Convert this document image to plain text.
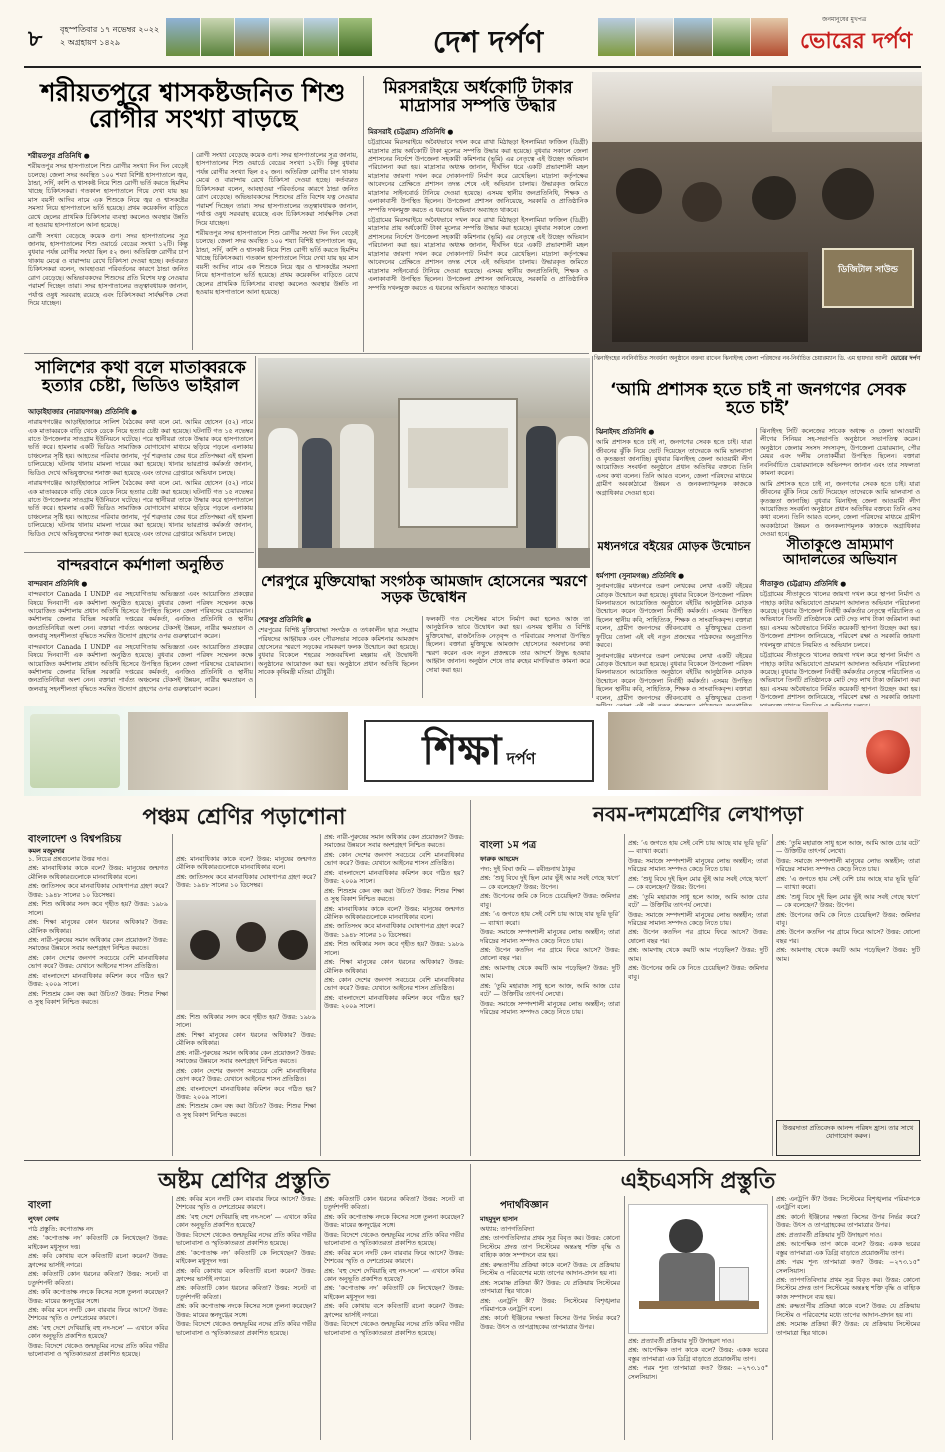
৮ বৃহস্পতিবার ১৭ নভেম্বর ২০২২
২ অগ্রহায়ণ ১৪২৯	দেশ দর্পণ
জনমানুষের মুখপত্র
ভোরের দর্পণ
শরীয়তপুরে শ্বাসকষ্টজনিত শিশু রোগীর সংখ্যা বাড়ছে
শরীয়তপুর প্রতিনিধি ●
শরীয়তপুর সদর হাসপাতালে শিশু রোগীর সংখ্যা দিন দিন বেড়েই চলেছে। জেলা সদর অবস্থিত ১০০ শয্যা বিশিষ্ট হাসপাতালে জ্বর, ঠান্ডা, সর্দি, কাশি ও শ্বাসকষ্ট নিয়ে শিশু রোগী ভর্তি করতে হিমশিম খাচ্ছে চিকিৎসকরা। গতকাল হাসপাতালে গিয়ে দেখা যায় ছয় মাস বয়সী আদিব নামে এক শিশুকে নিয়ে জ্বর ও শ্বাসকষ্টের সমস্যা নিয়ে হাসপাতালে ভর্তি হয়েছে। প্রথম কয়েকদিন বাড়িতে রেখে ছেলের প্রাথমিক চিকিৎসার ব্যবস্থা করলেও অবস্থার উন্নতি না হওয়ায় হাসপাতালে আনা হয়েছে।
রোগী সংখ্যা বেড়েছে কয়েক গুণ। সদর হাসপাতালের সূত্র জানায়, হাসপাতালের শিশু ওয়ার্ডে বেডের সংখ্যা ১২টি। কিন্তু বুধবার পর্যন্ত রোগীর সংখ্যা ছিল ৫২ জন। অতিরিক্ত রোগীর চাপ থাকায় মেঝে ও বারান্দায় রেখে চিকিৎসা দেওয়া হচ্ছে। কর্তব্যরত চিকিৎসকরা বলেন, আবহাওয়া পরিবর্তনের কারণে ঠান্ডা জনিত রোগ বেড়েছে। অভিভাবকদের শিশুদের প্রতি বিশেষ যত্ন নেওয়ার পরামর্শ দিচ্ছেন তারা। সদর হাসপাতালের তত্ত্বাবধায়ক জানান, পর্যাপ্ত ওষুধ সরবরাহ রয়েছে এবং চিকিৎসকরা সার্বক্ষণিক সেবা দিয়ে যাচ্ছেন।
রোগী সংখ্যা বেড়েছে কয়েক গুণ। সদর হাসপাতালের সূত্র জানায়, হাসপাতালের শিশু ওয়ার্ডে বেডের সংখ্যা ১২টি। কিন্তু বুধবার পর্যন্ত রোগীর সংখ্যা ছিল ৫২ জন। অতিরিক্ত রোগীর চাপ থাকায় মেঝে ও বারান্দায় রেখে চিকিৎসা দেওয়া হচ্ছে। কর্তব্যরত চিকিৎসকরা বলেন, আবহাওয়া পরিবর্তনের কারণে ঠান্ডা জনিত রোগ বেড়েছে। অভিভাবকদের শিশুদের প্রতি বিশেষ যত্ন নেওয়ার পরামর্শ দিচ্ছেন তারা। সদর হাসপাতালের তত্ত্বাবধায়ক জানান, পর্যাপ্ত ওষুধ সরবরাহ রয়েছে এবং চিকিৎসকরা সার্বক্ষণিক সেবা দিয়ে যাচ্ছেন।
শরীয়তপুর সদর হাসপাতালে শিশু রোগীর সংখ্যা দিন দিন বেড়েই চলেছে। জেলা সদর অবস্থিত ১০০ শয্যা বিশিষ্ট হাসপাতালে জ্বর, ঠান্ডা, সর্দি, কাশি ও শ্বাসকষ্ট নিয়ে শিশু রোগী ভর্তি করতে হিমশিম খাচ্ছে চিকিৎসকরা। গতকাল হাসপাতালে গিয়ে দেখা যায় ছয় মাস বয়সী আদিব নামে এক শিশুকে নিয়ে জ্বর ও শ্বাসকষ্টের সমস্যা নিয়ে হাসপাতালে ভর্তি হয়েছে। প্রথম কয়েকদিন বাড়িতে রেখে ছেলের প্রাথমিক চিকিৎসার ব্যবস্থা করলেও অবস্থার উন্নতি না হওয়ায় হাসপাতালে আনা হয়েছে।
মিরসরাইয়ে অর্ধকোটি টাকার মাদ্রাসার সম্পত্তি উদ্ধার
মিরসরাই (চট্টগ্রাম) প্রতিনিধি ●
চট্টগ্রামের মিরসরাইয়ে অবৈধভাবে দখল করে রাখা মিঠাছড়া ইসলামিয়া ফাজিল (ডিগ্রী) মাদ্রাসার প্রায় অর্ধকোটি টাকা মূল্যের সম্পত্তি উদ্ধার করা হয়েছে। বুধবার সকালে জেলা প্রশাসনের নির্দেশে উপজেলা সহকারী কমিশনার (ভূমি) এর নেতৃত্বে এই উচ্ছেদ অভিযান পরিচালনা করা হয়। মাদ্রাসার অধ্যক্ষ জানান, দীর্ঘদিন ধরে একটি প্রভাবশালী মহল মাদ্রাসার জায়গা দখল করে দোকানপাট নির্মাণ করে রেখেছিল। মাদ্রাসা কর্তৃপক্ষের আবেদনের প্রেক্ষিতে প্রশাসন তদন্ত শেষে এই অভিযান চালায়। উদ্ধারকৃত জমিতে মাদ্রাসার সাইনবোর্ড টানিয়ে দেওয়া হয়েছে। এসময় স্থানীয় জনপ্রতিনিধি, শিক্ষক ও এলাকাবাসী উপস্থিত ছিলেন। উপজেলা প্রশাসন জানিয়েছে, সরকারি ও প্রাতিষ্ঠানিক সম্পত্তি দখলমুক্ত করতে এ ধরনের অভিযান অব্যাহত থাকবে।
চট্টগ্রামের মিরসরাইয়ে অবৈধভাবে দখল করে রাখা মিঠাছড়া ইসলামিয়া ফাজিল (ডিগ্রী) মাদ্রাসার প্রায় অর্ধকোটি টাকা মূল্যের সম্পত্তি উদ্ধার করা হয়েছে। বুধবার সকালে জেলা প্রশাসনের নির্দেশে উপজেলা সহকারী কমিশনার (ভূমি) এর নেতৃত্বে এই উচ্ছেদ অভিযান পরিচালনা করা হয়। মাদ্রাসার অধ্যক্ষ জানান, দীর্ঘদিন ধরে একটি প্রভাবশালী মহল মাদ্রাসার জায়গা দখল করে দোকানপাট নির্মাণ করে রেখেছিল। মাদ্রাসা কর্তৃপক্ষের আবেদনের প্রেক্ষিতে প্রশাসন তদন্ত শেষে এই অভিযান চালায়। উদ্ধারকৃত জমিতে মাদ্রাসার সাইনবোর্ড টানিয়ে দেওয়া হয়েছে। এসময় স্থানীয় জনপ্রতিনিধি, শিক্ষক ও এলাকাবাসী উপস্থিত ছিলেন। উপজেলা প্রশাসন জানিয়েছে, সরকারি ও প্রাতিষ্ঠানিক সম্পত্তি দখলমুক্ত করতে এ ধরনের অভিযান অব্যাহত থাকবে।
ডিজিটাল সাউন্ড
ঝিনাইদহের নবনির্বাচিত সংবর্ধনা অনুষ্ঠানে বক্তব্য রাখেন ঝিনাইদহ জেলা পরিষদের নব-নির্বাচিত চেয়ারম্যান ডি. এম হায়দার আলী ভোরের দর্পণ
সালিশের কথা বলে মাতাব্বরকে হত্যার চেষ্টা, ভিডিও ভাইরাল
আড়াইহাজার (নারায়ণগঞ্জ) প্রতিনিধি ●
নারায়ণগঞ্জের আড়াইহাজারে সালিশ বৈঠকের কথা বলে মো. আমির হোসেন (৫২) নামে এক মাতাব্বরকে বাড়ি থেকে ডেকে নিয়ে হত্যার চেষ্টা করা হয়েছে। ঘটনাটি গত ১৫ নভেম্বর রাতে উপজেলার সাতগ্রাম ইউনিয়নে ঘটেছে। পরে স্থানীয়রা তাকে উদ্ধার করে হাসপাতালে ভর্তি করে। হামলার একটি ভিডিও সামাজিক যোগাযোগ মাধ্যমে ছড়িয়ে পড়লে এলাকায় চাঞ্চল্যের সৃষ্টি হয়। আহতের পরিবার জানায়, পূর্ব শত্রুতার জের ধরে প্রতিপক্ষরা এই হামলা চালিয়েছে। ঘটনায় থানায় মামলা দায়ের করা হয়েছে। থানার ভারপ্রাপ্ত কর্মকর্তা জানান, ভিডিও দেখে অভিযুক্তদের শনাক্ত করা হয়েছে এবং তাদের গ্রেপ্তারে অভিযান চলছে।
নারায়ণগঞ্জের আড়াইহাজারে সালিশ বৈঠকের কথা বলে মো. আমির হোসেন (৫২) নামে এক মাতাব্বরকে বাড়ি থেকে ডেকে নিয়ে হত্যার চেষ্টা করা হয়েছে। ঘটনাটি গত ১৫ নভেম্বর রাতে উপজেলার সাতগ্রাম ইউনিয়নে ঘটেছে। পরে স্থানীয়রা তাকে উদ্ধার করে হাসপাতালে ভর্তি করে। হামলার একটি ভিডিও সামাজিক যোগাযোগ মাধ্যমে ছড়িয়ে পড়লে এলাকায় চাঞ্চল্যের সৃষ্টি হয়। আহতের পরিবার জানায়, পূর্ব শত্রুতার জের ধরে প্রতিপক্ষরা এই হামলা চালিয়েছে। ঘটনায় থানায় মামলা দায়ের করা হয়েছে। থানার ভারপ্রাপ্ত কর্মকর্তা জানান, ভিডিও দেখে অভিযুক্তদের শনাক্ত করা হয়েছে এবং তাদের গ্রেপ্তারে অভিযান চলছে।
বান্দরবানে কর্মশালা অনুষ্ঠিত
বান্দরবান প্রতিনিধি ●
বান্দরবানে Canada I UNDP এর সহযোগিতায় অভিজ্ঞতা এবং আয়োজিত প্রকল্পের বিষয়ে দিনব্যাপী এক কর্মশালা অনুষ্ঠিত হয়েছে। বুধবার জেলা পরিষদ সম্মেলন কক্ষে আয়োজিত কর্মশালায় প্রধান অতিথি হিসেবে উপস্থিত ছিলেন জেলা পরিষদের চেয়ারম্যান। কর্মশালায় জেলার বিভিন্ন সরকারি দপ্তরের কর্মকর্তা, এনজিও প্রতিনিধি ও স্থানীয় জনপ্রতিনিধিরা অংশ নেন। বক্তারা পার্বত্য অঞ্চলের টেকসই উন্নয়ন, নারীর ক্ষমতায়ন ও জলবায়ু সহনশীলতা বৃদ্ধিতে সমন্বিত উদ্যোগ গ্রহণের ওপর গুরুত্বারোপ করেন।
বান্দরবানে Canada I UNDP এর সহযোগিতায় অভিজ্ঞতা এবং আয়োজিত প্রকল্পের বিষয়ে দিনব্যাপী এক কর্মশালা অনুষ্ঠিত হয়েছে। বুধবার জেলা পরিষদ সম্মেলন কক্ষে আয়োজিত কর্মশালায় প্রধান অতিথি হিসেবে উপস্থিত ছিলেন জেলা পরিষদের চেয়ারম্যান। কর্মশালায় জেলার বিভিন্ন সরকারি দপ্তরের কর্মকর্তা, এনজিও প্রতিনিধি ও স্থানীয় জনপ্রতিনিধিরা অংশ নেন। বক্তারা পার্বত্য অঞ্চলের টেকসই উন্নয়ন, নারীর ক্ষমতায়ন ও জলবায়ু সহনশীলতা বৃদ্ধিতে সমন্বিত উদ্যোগ গ্রহণের ওপর গুরুত্বারোপ করেন।
শেরপুরে মুক্তিযোদ্ধা সংগঠক আমজাদ হোসেনের স্মরণে সড়ক উদ্বোধন
শেরপুর প্রতিনিধি ●
শেরপুরের বিশিষ্ট মুক্তিযোদ্ধা সংগঠক ও তৎকালীন ছাত্র সংগ্রাম পরিষদের আহ্বায়ক এবং পৌরসভার সাবেক কমিশনার আমজাদ হোসেনের স্মরণে সড়কের নামকরণ ফলক উন্মোচন করা হয়েছে। বুধবার বিকেলে শহরের সজবরখিলা মহল্লায় এই উদ্বোধনী অনুষ্ঠানের আয়োজন করা হয়। অনুষ্ঠানে প্রধান অতিথি ছিলেন সাবেক কৃষিমন্ত্রী মতিয়া চৌধুরী।
ফলকটি গত সেপ্টেম্বর মাসে নির্মাণ করা হলেও আজ তা আনুষ্ঠানিক ভাবে উদ্বোধন করা হয়। এসময় স্থানীয় ও বিশিষ্ট মুক্তিযোদ্ধা, রাজনৈতিক নেতৃবৃন্দ ও পরিবারের সদস্যরা উপস্থিত ছিলেন। বক্তারা মুক্তিযুদ্ধে আমজাদ হোসেনের অবদানের কথা স্মরণ করেন এবং নতুন প্রজন্মকে তার আদর্শে উদ্বুদ্ধ হওয়ার আহ্বান জানান। অনুষ্ঠান শেষে তার রুহের মাগফিরাত কামনা করে দোয়া করা হয়।
‘আমি প্রশাসক হতে চাই না জনগণের সেবক হতে চাই’
ঝিনাইদহ প্রতিনিধি ●
আমি প্রশাসক হতে চাই না, জনগণের সেবক হতে চাই। যারা জীবনের ঝুঁকি নিয়ে ভোট দিয়েছেন তাদেরকে আমি ভালবাসা ও কৃতজ্ঞতা জানাচ্ছি। বুধবার ঝিনাইদহ জেলা আওয়ামী লীগ আয়োজিত সংবর্ধনা অনুষ্ঠানে প্রধান অতিথির বক্তব্যে তিনি এসব কথা বলেন। তিনি আরও বলেন, জেলা পরিষদের মাধ্যমে গ্রামীণ অবকাঠামো উন্নয়ন ও জনকল্যাণমূলক কাজকে অগ্রাধিকার দেওয়া হবে।
ঝিনাইদহ সিটি কলেজের সাবেক অধ্যক্ষ ও জেলা আওয়ামী লীগের সিনিয়র সহ-সভাপতি অনুষ্ঠানে সভাপতিত্ব করেন। অনুষ্ঠানে জেলার সংসদ সদস্যবৃন্দ, উপজেলা চেয়ারম্যান, পৌর মেয়র এবং দলীয় নেতাকর্মীরা উপস্থিত ছিলেন। বক্তারা নবনির্বাচিত চেয়ারম্যানকে অভিনন্দন জানান এবং তার সফলতা কামনা করেন।
আমি প্রশাসক হতে চাই না, জনগণের সেবক হতে চাই। যারা জীবনের ঝুঁকি নিয়ে ভোট দিয়েছেন তাদেরকে আমি ভালবাসা ও কৃতজ্ঞতা জানাচ্ছি। বুধবার ঝিনাইদহ জেলা আওয়ামী লীগ আয়োজিত সংবর্ধনা অনুষ্ঠানে প্রধান অতিথির বক্তব্যে তিনি এসব কথা বলেন। তিনি আরও বলেন, জেলা পরিষদের মাধ্যমে গ্রামীণ অবকাঠামো উন্নয়ন ও জনকল্যাণমূলক কাজকে অগ্রাধিকার দেওয়া হবে।
মধ্যনগরে বইয়ের মোড়ক উন্মোচন
ধর্মপাশা (সুনামগঞ্জ) প্রতিনিধি ●
সুনামগঞ্জের মধ্যনগরে তরুণ লেখকের লেখা একটি বইয়ের মোড়ক উন্মোচন করা হয়েছে। বুধবার বিকেলে উপজেলা পরিষদ মিলনায়তনে আয়োজিত অনুষ্ঠানে বইটির আনুষ্ঠানিক মোড়ক উন্মোচন করেন উপজেলা নির্বাহী কর্মকর্তা। এসময় উপস্থিত ছিলেন স্থানীয় কবি, সাহিত্যিক, শিক্ষক ও সাংবাদিকবৃন্দ। বক্তারা বলেন, গ্রামীণ জনপদের জীবনবোধ ও মুক্তিযুদ্ধের চেতনা ফুটিয়ে তোলা এই বই নতুন প্রজন্মের পাঠকদের অনুপ্রাণিত করবে।
সুনামগঞ্জের মধ্যনগরে তরুণ লেখকের লেখা একটি বইয়ের মোড়ক উন্মোচন করা হয়েছে। বুধবার বিকেলে উপজেলা পরিষদ মিলনায়তনে আয়োজিত অনুষ্ঠানে বইটির আনুষ্ঠানিক মোড়ক উন্মোচন করেন উপজেলা নির্বাহী কর্মকর্তা। এসময় উপস্থিত ছিলেন স্থানীয় কবি, সাহিত্যিক, শিক্ষক ও সাংবাদিকবৃন্দ। বক্তারা বলেন, গ্রামীণ জনপদের জীবনবোধ ও মুক্তিযুদ্ধের চেতনা
সীতাকুণ্ডে ভ্রাম্যমাণ আদালতের অভিযান
সীতাকুণ্ড (চট্টগ্রাম) প্রতিনিধি ●
চট্টগ্রামের সীতাকুণ্ডে খালের জায়গা দখল করে স্থাপনা নির্মাণ ও পাহাড় কাটার অভিযোগে ভ্রাম্যমাণ আদালত অভিযান পরিচালনা করেছে। বুধবার উপজেলা নির্বাহী কর্মকর্তার নেতৃত্বে পরিচালিত এ অভিযানে তিনটি প্রতিষ্ঠানকে মোট দেড় লাখ টাকা জরিমানা করা হয়। এসময় অবৈধভাবে নির্মিত কয়েকটি স্থাপনা উচ্ছেদ করা হয়। উপজেলা প্রশাসন জানিয়েছে, পরিবেশ রক্ষা ও সরকারি জায়গা দখলমুক্ত রাখতে নিয়মিত এ অভিযান চলবে।
চট্টগ্রামের সীতাকুণ্ডে খালের জায়গা দখল করে স্থাপনা নির্মাণ ও পাহাড় কাটার অভিযোগে ভ্রাম্যমাণ আদালত অভিযান পরিচালনা করেছে। বুধবার উপজেলা নির্বাহী কর্মকর্তার নেতৃত্বে পরিচালিত এ অভিযানে তিনটি প্রতিষ্ঠানকে মোট দেড় লাখ টাকা জরিমানা করা হয়। এসময় অবৈধভাবে নির্মিত কয়েকটি স্থাপনা উচ্ছেদ করা হয়। উপজেলা প্রশাসন জানিয়েছে, পরিবেশ রক্ষা ও সরকারি জায়গা
শিক্ষা দর্পণ
পঞ্চম শ্রেণির পড়াশোনা
বাংলাদেশ ও বিশ্বপরিচয়
কমল মজুমদার
১. নিচের প্রশ্নগুলোর উত্তর দাও।
প্রশ্ন: মানবাধিকার কাকে বলে? উত্তর: মানুষের জন্মগত মৌলিক অধিকারগুলোকে মানবাধিকার বলে।
প্রশ্ন: জাতিসংঘ কবে মানবাধিকার ঘোষণাপত্র গ্রহণ করে? উত্তর: ১৯৪৮ সালের ১০ ডিসেম্বর।
প্রশ্ন: শিশু অধিকার সনদ কবে গৃহীত হয়? উত্তর: ১৯৮৯ সালে।
প্রশ্ন: শিক্ষা মানুষের কোন ধরনের অধিকার? উত্তর: মৌলিক অধিকার।
প্রশ্ন: নারী-পুরুষের সমান অধিকার কেন প্রয়োজন? উত্তর: সমাজের উন্নয়নে সবার অংশগ্রহণ নিশ্চিত করতে।
প্রশ্ন: কোন দেশের জনগণ সবচেয়ে বেশি মানবাধিকার ভোগ করে? উত্তর: যেখানে আইনের শাসন প্রতিষ্ঠিত।
প্রশ্ন: বাংলাদেশে মানবাধিকার কমিশন কবে গঠিত হয়? উত্তর: ২০০৯ সালে।
প্রশ্ন: শিশুশ্রম কেন বন্ধ করা উচিত? উত্তর: শিশুর শিক্ষা ও সুস্থ বিকাশ নিশ্চিত করতে।
প্রশ্ন: মানবাধিকার কাকে বলে? উত্তর: মানুষের জন্মগত মৌলিক অধিকারগুলোকে মানবাধিকার বলে।
প্রশ্ন: জাতিসংঘ কবে মানবাধিকার ঘোষণাপত্র গ্রহণ করে? উত্তর: ১৯৪৮ সালের ১০ ডিসেম্বর।
প্রশ্ন: শিশু অধিকার সনদ কবে গৃহীত হয়? উত্তর: ১৯৮৯ সালে।
প্রশ্ন: শিক্ষা মানুষের কোন ধরনের অধিকার? উত্তর: মৌলিক অধিকার।
প্রশ্ন: নারী-পুরুষের সমান অধিকার কেন প্রয়োজন? উত্তর: সমাজের উন্নয়নে সবার অংশগ্রহণ নিশ্চিত করতে।
প্রশ্ন: কোন দেশের জনগণ সবচেয়ে বেশি মানবাধিকার ভোগ করে? উত্তর: যেখানে আইনের শাসন প্রতিষ্ঠিত।
প্রশ্ন: বাংলাদেশে মানবাধিকার কমিশন কবে গঠিত হয়? উত্তর: ২০০৯ সালে।
প্রশ্ন: শিশুশ্রম কেন বন্ধ করা উচিত? উত্তর: শিশুর শিক্ষা ও সুস্থ বিকাশ নিশ্চিত করতে।
প্রশ্ন: নারী-পুরুষের সমান অধিকার কেন প্রয়োজন? উত্তর: সমাজের উন্নয়নে সবার অংশগ্রহণ নিশ্চিত করতে।
প্রশ্ন: কোন দেশের জনগণ সবচেয়ে বেশি মানবাধিকার ভোগ করে? উত্তর: যেখানে আইনের শাসন প্রতিষ্ঠিত।
প্রশ্ন: বাংলাদেশে মানবাধিকার কমিশন কবে গঠিত হয়? উত্তর: ২০০৯ সালে।
প্রশ্ন: শিশুশ্রম কেন বন্ধ করা উচিত? উত্তর: শিশুর শিক্ষা ও সুস্থ বিকাশ নিশ্চিত করতে।
প্রশ্ন: মানবাধিকার কাকে বলে? উত্তর: মানুষের জন্মগত মৌলিক অধিকারগুলোকে মানবাধিকার বলে।
প্রশ্ন: জাতিসংঘ কবে মানবাধিকার ঘোষণাপত্র গ্রহণ করে? উত্তর: ১৯৪৮ সালের ১০ ডিসেম্বর।
প্রশ্ন: শিশু অধিকার সনদ কবে গৃহীত হয়? উত্তর: ১৯৮৯ সালে।
প্রশ্ন: শিক্ষা মানুষের কোন ধরনের অধিকার? উত্তর: মৌলিক অধিকার।
প্রশ্ন: কোন দেশের জনগণ সবচেয়ে বেশি মানবাধিকার ভোগ করে? উত্তর: যেখানে আইনের শাসন প্রতিষ্ঠিত।
প্রশ্ন: বাংলাদেশে মানবাধিকার কমিশন কবে গঠিত হয়? উত্তর: ২০০৯ সালে।
নবম-দশমশ্রেণির লেখাপড়া
বাংলা ১ম পত্র
ফারুক আহমেদ
পদ্য: দুই বিঘা জমি — রবীন্দ্রনাথ ঠাকুর
প্রশ্ন: ‘শুধু বিঘে দুই ছিল মোর ভুঁই আর সবই গেছে ঋণে’ — কে বলেছেন? উত্তর: উপেন।
প্রশ্ন: উপেনের জমি কে নিতে চেয়েছিল? উত্তর: জমিদার বাবু।
প্রশ্ন: ‘এ জগতে হায় সেই বেশি চায় আছে যার ভূরি ভূরি’ — ব্যাখ্যা করো।
উত্তর: সমাজে সম্পদশালী মানুষের লোভ অন্তহীন; তারা দরিদ্রের সামান্য সম্পদও কেড়ে নিতে চায়।
প্রশ্ন: উপেন কতদিন পর গ্রামে ফিরে আসে? উত্তর: ষোলো বছর পর।
প্রশ্ন: আমগাছ থেকে কয়টি আম পড়েছিল? উত্তর: দুটি আম।
প্রশ্ন: ‘তুমি মহারাজ সাধু হলে আজ, আমি আজ চোর বটে’ — উক্তিটির তাৎপর্য লেখো।
উত্তর: সমাজে সম্পদশালী মানুষের লোভ অন্তহীন; তারা দরিদ্রের সামান্য সম্পদও কেড়ে নিতে চায়।
প্রশ্ন: ‘এ জগতে হায় সেই বেশি চায় আছে যার ভূরি ভূরি’ — ব্যাখ্যা করো।
উত্তর: সমাজে সম্পদশালী মানুষের লোভ অন্তহীন; তারা দরিদ্রের সামান্য সম্পদও কেড়ে নিতে চায়।
প্রশ্ন: ‘শুধু বিঘে দুই ছিল মোর ভুঁই আর সবই গেছে ঋণে’ — কে বলেছেন? উত্তর: উপেন।
প্রশ্ন: ‘তুমি মহারাজ সাধু হলে আজ, আমি আজ চোর বটে’ — উক্তিটির তাৎপর্য লেখো।
উত্তর: সমাজে সম্পদশালী মানুষের লোভ অন্তহীন; তারা দরিদ্রের সামান্য সম্পদও কেড়ে নিতে চায়।
প্রশ্ন: উপেন কতদিন পর গ্রামে ফিরে আসে? উত্তর: ষোলো বছর পর।
প্রশ্ন: আমগাছ থেকে কয়টি আম পড়েছিল? উত্তর: দুটি আম।
প্রশ্ন: উপেনের জমি কে নিতে চেয়েছিল? উত্তর: জমিদার বাবু।
প্রশ্ন: ‘তুমি মহারাজ সাধু হলে আজ, আমি আজ চোর বটে’ — উক্তিটির তাৎপর্য লেখো।
উত্তর: সমাজে সম্পদশালী মানুষের লোভ অন্তহীন; তারা দরিদ্রের সামান্য সম্পদও কেড়ে নিতে চায়।
প্রশ্ন: ‘এ জগতে হায় সেই বেশি চায় আছে যার ভূরি ভূরি’ — ব্যাখ্যা করো।
প্রশ্ন: ‘শুধু বিঘে দুই ছিল মোর ভুঁই আর সবই গেছে ঋণে’ — কে বলেছেন? উত্তর: উপেন।
প্রশ্ন: উপেনের জমি কে নিতে চেয়েছিল? উত্তর: জমিদার বাবু।
প্রশ্ন: উপেন কতদিন পর গ্রামে ফিরে আসে? উত্তর: ষোলো বছর পর।
প্রশ্ন: আমগাছ থেকে কয়টি আম পড়েছিল? উত্তর: দুটি আম।
উত্তরদাতা প্রতিবেদক আনন্দ পরিষদ হ্রাস। তার সাথে যোগাযোগ করুন।
অষ্টম শ্রেণির প্রস্তুতি
বাংলা
লুৎফা বেগম
পাঠ প্রস্তুতি: কপোতাক্ষ নদ
প্রশ্ন: ‘কপোতাক্ষ নদ’ কবিতাটি কে লিখেছেন? উত্তর: মাইকেল মধুসূদন দত্ত।
প্রশ্ন: কবি কোথায় বসে কবিতাটি রচনা করেন? উত্তর: ফ্রান্সের ভার্সাই নগরে।
প্রশ্ন: কবিতাটি কোন ধরনের কবিতা? উত্তর: সনেট বা চতুর্দশপদী কবিতা।
প্রশ্ন: কবি কপোতাক্ষ নদকে কিসের সঙ্গে তুলনা করেছেন? উত্তর: মায়ের স্তনদুগ্ধের সঙ্গে।
প্রশ্ন: কবির মনে নদটি কেন বারবার ফিরে আসে? উত্তর: শৈশবের স্মৃতি ও দেশপ্রেমের কারণে।
প্রশ্ন: ‘বহু দেশে দেখিয়াছি বহু নদ-দলে’ — এখানে কবির কোন অনুভূতি প্রকাশিত হয়েছে?
উত্তর: বিদেশে থেকেও জন্মভূমির নদের প্রতি কবির গভীর ভালোবাসা ও স্মৃতিকাতরতা প্রকাশিত হয়েছে।
প্রশ্ন: কবির মনে নদটি কেন বারবার ফিরে আসে? উত্তর: শৈশবের স্মৃতি ও দেশপ্রেমের কারণে।
প্রশ্ন: ‘বহু দেশে দেখিয়াছি বহু নদ-দলে’ — এখানে কবির কোন অনুভূতি প্রকাশিত হয়েছে?
উত্তর: বিদেশে থেকেও জন্মভূমির নদের প্রতি কবির গভীর ভালোবাসা ও স্মৃতিকাতরতা প্রকাশিত হয়েছে।
প্রশ্ন: ‘কপোতাক্ষ নদ’ কবিতাটি কে লিখেছেন? উত্তর: মাইকেল মধুসূদন দত্ত।
প্রশ্ন: কবি কোথায় বসে কবিতাটি রচনা করেন? উত্তর: ফ্রান্সের ভার্সাই নগরে।
প্রশ্ন: কবিতাটি কোন ধরনের কবিতা? উত্তর: সনেট বা চতুর্দশপদী কবিতা।
প্রশ্ন: কবি কপোতাক্ষ নদকে কিসের সঙ্গে তুলনা করেছেন? উত্তর: মায়ের স্তনদুগ্ধের সঙ্গে।
উত্তর: বিদেশে থেকেও জন্মভূমির নদের প্রতি কবির গভীর ভালোবাসা ও স্মৃতিকাতরতা প্রকাশিত হয়েছে।
প্রশ্ন: কবিতাটি কোন ধরনের কবিতা? উত্তর: সনেট বা চতুর্দশপদী কবিতা।
প্রশ্ন: কবি কপোতাক্ষ নদকে কিসের সঙ্গে তুলনা করেছেন? উত্তর: মায়ের স্তনদুগ্ধের সঙ্গে।
উত্তর: বিদেশে থেকেও জন্মভূমির নদের প্রতি কবির গভীর ভালোবাসা ও স্মৃতিকাতরতা প্রকাশিত হয়েছে।
প্রশ্ন: কবির মনে নদটি কেন বারবার ফিরে আসে? উত্তর: শৈশবের স্মৃতি ও দেশপ্রেমের কারণে।
প্রশ্ন: ‘বহু দেশে দেখিয়াছি বহু নদ-দলে’ — এখানে কবির কোন অনুভূতি প্রকাশিত হয়েছে?
প্রশ্ন: ‘কপোতাক্ষ নদ’ কবিতাটি কে লিখেছেন? উত্তর: মাইকেল মধুসূদন দত্ত।
প্রশ্ন: কবি কোথায় বসে কবিতাটি রচনা করেন? উত্তর: ফ্রান্সের ভার্সাই নগরে।
উত্তর: বিদেশে থেকেও জন্মভূমির নদের প্রতি কবির গভীর ভালোবাসা ও স্মৃতিকাতরতা প্রকাশিত হয়েছে।
এইচএসসি প্রস্তুতি
পদার্থবিজ্ঞান
মাহমুদুল হাসান
অধ্যায়: তাপগতিবিদ্যা
প্রশ্ন: তাপগতিবিদ্যার প্রথম সূত্র বিবৃত কর। উত্তর: কোনো সিস্টেমে প্রদত্ত তাপ সিস্টেমের অন্তঃস্থ শক্তি বৃদ্ধি ও বাহ্যিক কাজ সম্পাদনে ব্যয় হয়।
প্রশ্ন: রুদ্ধতাপীয় প্রক্রিয়া কাকে বলে? উত্তর: যে প্রক্রিয়ায় সিস্টেম ও পরিবেশের মধ্যে তাপের আদান-প্রদান হয় না।
প্রশ্ন: সমোষ্ণ প্রক্রিয়া কী? উত্তর: যে প্রক্রিয়ায় সিস্টেমের তাপমাত্রা স্থির থাকে।
প্রশ্ন: এনট্রপি কী? উত্তর: সিস্টেমের বিশৃঙ্খলার পরিমাপকে এনট্রপি বলে।
প্রশ্ন: কার্নো ইঞ্জিনের দক্ষতা কিসের উপর নির্ভর করে? উত্তর: উৎস ও তাপগ্রাহকের তাপমাত্রার উপর।
প্রশ্ন: প্রত্যাবর্তী প্রক্রিয়ার দুটি উদাহরণ দাও।
প্রশ্ন: আপেক্ষিক তাপ কাকে বলে? উত্তর: একক ভরের বস্তুর তাপমাত্রা এক ডিগ্রি বাড়াতে প্রয়োজনীয় তাপ।
প্রশ্ন: পরম শূন্য তাপমাত্রা কত? উত্তর: −২৭৩.১৫° সেলসিয়াস।
প্রশ্ন: এনট্রপি কী? উত্তর: সিস্টেমের বিশৃঙ্খলার পরিমাপকে এনট্রপি বলে।
প্রশ্ন: কার্নো ইঞ্জিনের দক্ষতা কিসের উপর নির্ভর করে? উত্তর: উৎস ও তাপগ্রাহকের তাপমাত্রার উপর।
প্রশ্ন: প্রত্যাবর্তী প্রক্রিয়ার দুটি উদাহরণ দাও।
প্রশ্ন: আপেক্ষিক তাপ কাকে বলে? উত্তর: একক ভরের বস্তুর তাপমাত্রা এক ডিগ্রি বাড়াতে প্রয়োজনীয় তাপ।
প্রশ্ন: পরম শূন্য তাপমাত্রা কত? উত্তর: −২৭৩.১৫° সেলসিয়াস।
প্রশ্ন: তাপগতিবিদ্যার প্রথম সূত্র বিবৃত কর। উত্তর: কোনো সিস্টেমে প্রদত্ত তাপ সিস্টেমের অন্তঃস্থ শক্তি বৃদ্ধি ও বাহ্যিক কাজ সম্পাদনে ব্যয় হয়।
প্রশ্ন: রুদ্ধতাপীয় প্রক্রিয়া কাকে বলে? উত্তর: যে প্রক্রিয়ায় সিস্টেম ও পরিবেশের মধ্যে তাপের আদান-প্রদান হয় না।
প্রশ্ন: সমোষ্ণ প্রক্রিয়া কী? উত্তর: যে প্রক্রিয়ায় সিস্টেমের তাপমাত্রা স্থির থাকে।
